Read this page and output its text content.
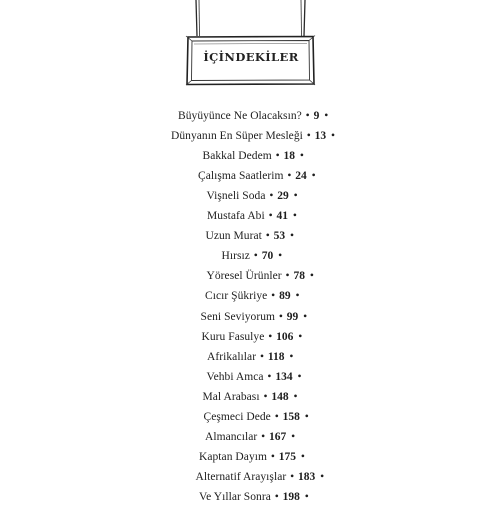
İÇİNDEKİLER
Büyüyünce Ne Olacaksın? • 9 •
Dünyanın En Süper Mesleği • 13 •
Bakkal Dedem • 18 •
Çalışma Saatlerim • 24 •
Vişneli Soda • 29 •
Mustafa Abi • 41 •
Uzun Murat • 53 •
Hırsız • 70 •
Yöresel Ürünler • 78 •
Cıcır Şükriye • 89 •
Seni Seviyorum • 99 •
Kuru Fasulye • 106 •
Afrikalılar • 118 •
Vehbi Amca • 134 •
Mal Arabası • 148 •
Çeşmeci Dede • 158 •
Almancılar • 167 •
Kaptan Dayım • 175 •
Alternatif Arayışlar • 183 •
Ve Yıllar Sonra • 198 •
